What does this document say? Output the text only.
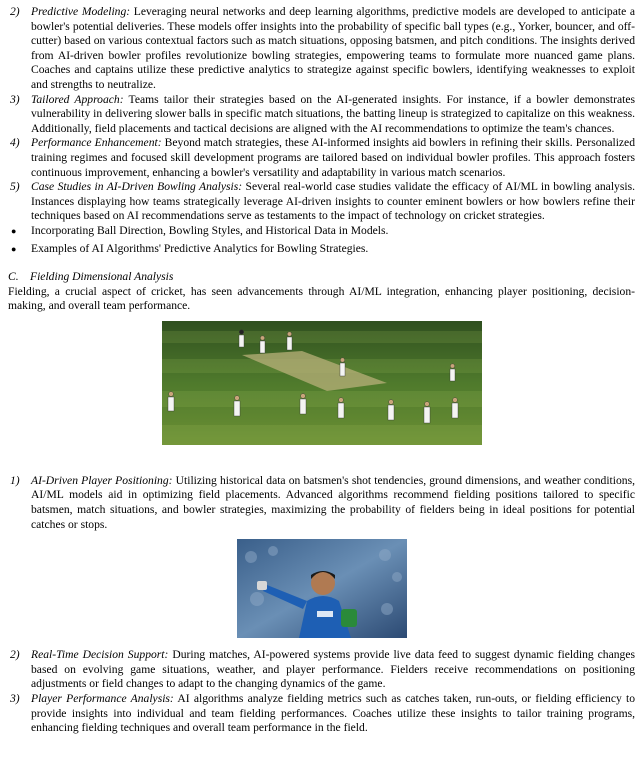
2) Predictive Modeling: Leveraging neural networks and deep learning algorithms, predictive models are developed to anticipate a bowler's potential deliveries. These models offer insights into the probability of specific ball types (e.g., Yorker, bouncer, and off-cutter) based on various contextual factors such as match situations, opposing batsmen, and pitch conditions. The insights derived from AI-driven bowler profiles revolutionize bowling strategies, empowering teams to formulate more nuanced game plans. Coaches and captains utilize these predictive analytics to strategize against specific bowlers, identifying weaknesses to exploit and strengths to neutralize.

3) Tailored Approach: Teams tailor their strategies based on the AI-generated insights. For instance, if a bowler demonstrates vulnerability in delivering slower balls in specific match situations, the batting lineup is strategized to capitalize on this weakness. Additionally, field placements and tactical decisions are aligned with the AI recommendations to optimize the team's chances.

4) Performance Enhancement: Beyond match strategies, these AI-informed insights aid bowlers in refining their skills. Personalized training regimes and focused skill development programs are tailored based on individual bowler profiles. This approach fosters continuous improvement, enhancing a bowler's versatility and adaptability in various match scenarios.

5) Case Studies in AI-Driven Bowling Analysis: Several real-world case studies validate the efficacy of AI/ML in bowling analysis. Instances displaying how teams strategically leverage AI-driven insights to counter eminent bowlers or how bowlers refine their techniques based on AI recommendations serve as testaments to the impact of technology on cricket strategies.

● Incorporating Ball Direction, Bowling Styles, and Historical Data in Models.

● Examples of AI Algorithms' Predictive Analytics for Bowling Strategies.

C. Fielding Dimensional Analysis

Fielding, a crucial aspect of cricket, has seen advancements through AI/ML integration, enhancing player positioning, decision-making, and overall team performance.

1) AI-Driven Player Positioning: Utilizing historical data on batsmen's shot tendencies, ground dimensions, and weather conditions, AI/ML models aid in optimizing field placements. Advanced algorithms recommend fielding positions tailored to specific batsmen, match situations, and bowler strategies, maximizing the probability of fielders being in ideal positions for potential catches or stops.

2) Real-Time Decision Support: During matches, AI-powered systems provide live data feed to suggest dynamic fielding changes based on evolving game situations, weather, and player performance. Fielders receive recommendations on positioning adjustments or field changes to adapt to the changing dynamics of the game.

3) Player Performance Analysis: AI algorithms analyze fielding metrics such as catches taken, run-outs, or fielding efficiency to provide insights into individual and team fielding performances. Coaches utilize these insights to tailor training programs, enhancing fielding techniques and overall team performance in the field.
